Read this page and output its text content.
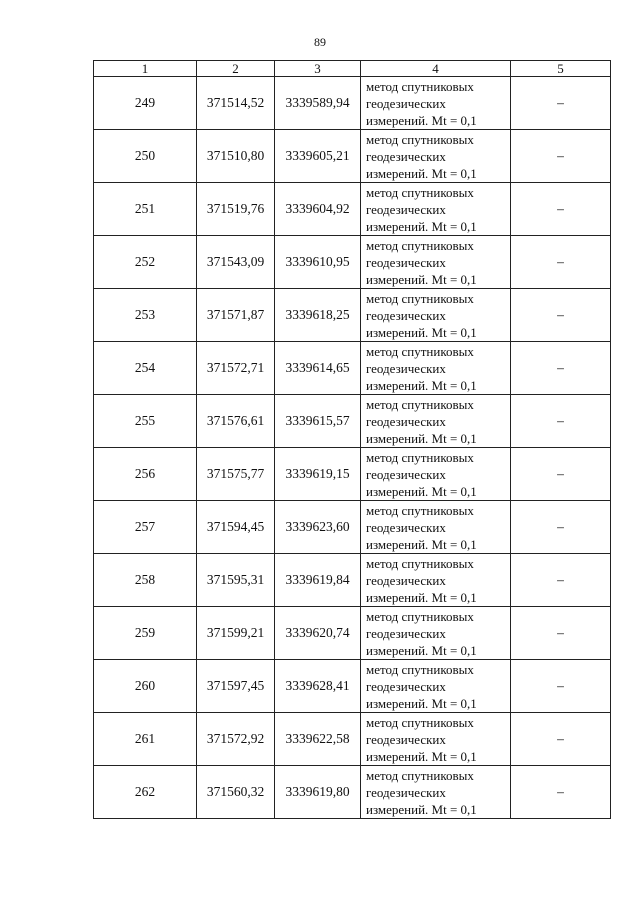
89
1	2	3	4	5
249	371514,52	3339589,94	метод спутниковых
геодезических
измерений. Mt = 0,1	–
250	371510,80	3339605,21	метод спутниковых
геодезических
измерений. Mt = 0,1	–
251	371519,76	3339604,92	метод спутниковых
геодезических
измерений. Mt = 0,1	–
252	371543,09	3339610,95	метод спутниковых
геодезических
измерений. Mt = 0,1	–
253	371571,87	3339618,25	метод спутниковых
геодезических
измерений. Mt = 0,1	–
254	371572,71	3339614,65	метод спутниковых
геодезических
измерений. Mt = 0,1	–
255	371576,61	3339615,57	метод спутниковых
геодезических
измерений. Mt = 0,1	–
256	371575,77	3339619,15	метод спутниковых
геодезических
измерений. Mt = 0,1	–
257	371594,45	3339623,60	метод спутниковых
геодезических
измерений. Mt = 0,1	–
258	371595,31	3339619,84	метод спутниковых
геодезических
измерений. Mt = 0,1	–
259	371599,21	3339620,74	метод спутниковых
геодезических
измерений. Mt = 0,1	–
260	371597,45	3339628,41	метод спутниковых
геодезических
измерений. Mt = 0,1	–
261	371572,92	3339622,58	метод спутниковых
геодезических
измерений. Mt = 0,1	–
262	371560,32	3339619,80	метод спутниковых
геодезических
измерений. Mt = 0,1	–
